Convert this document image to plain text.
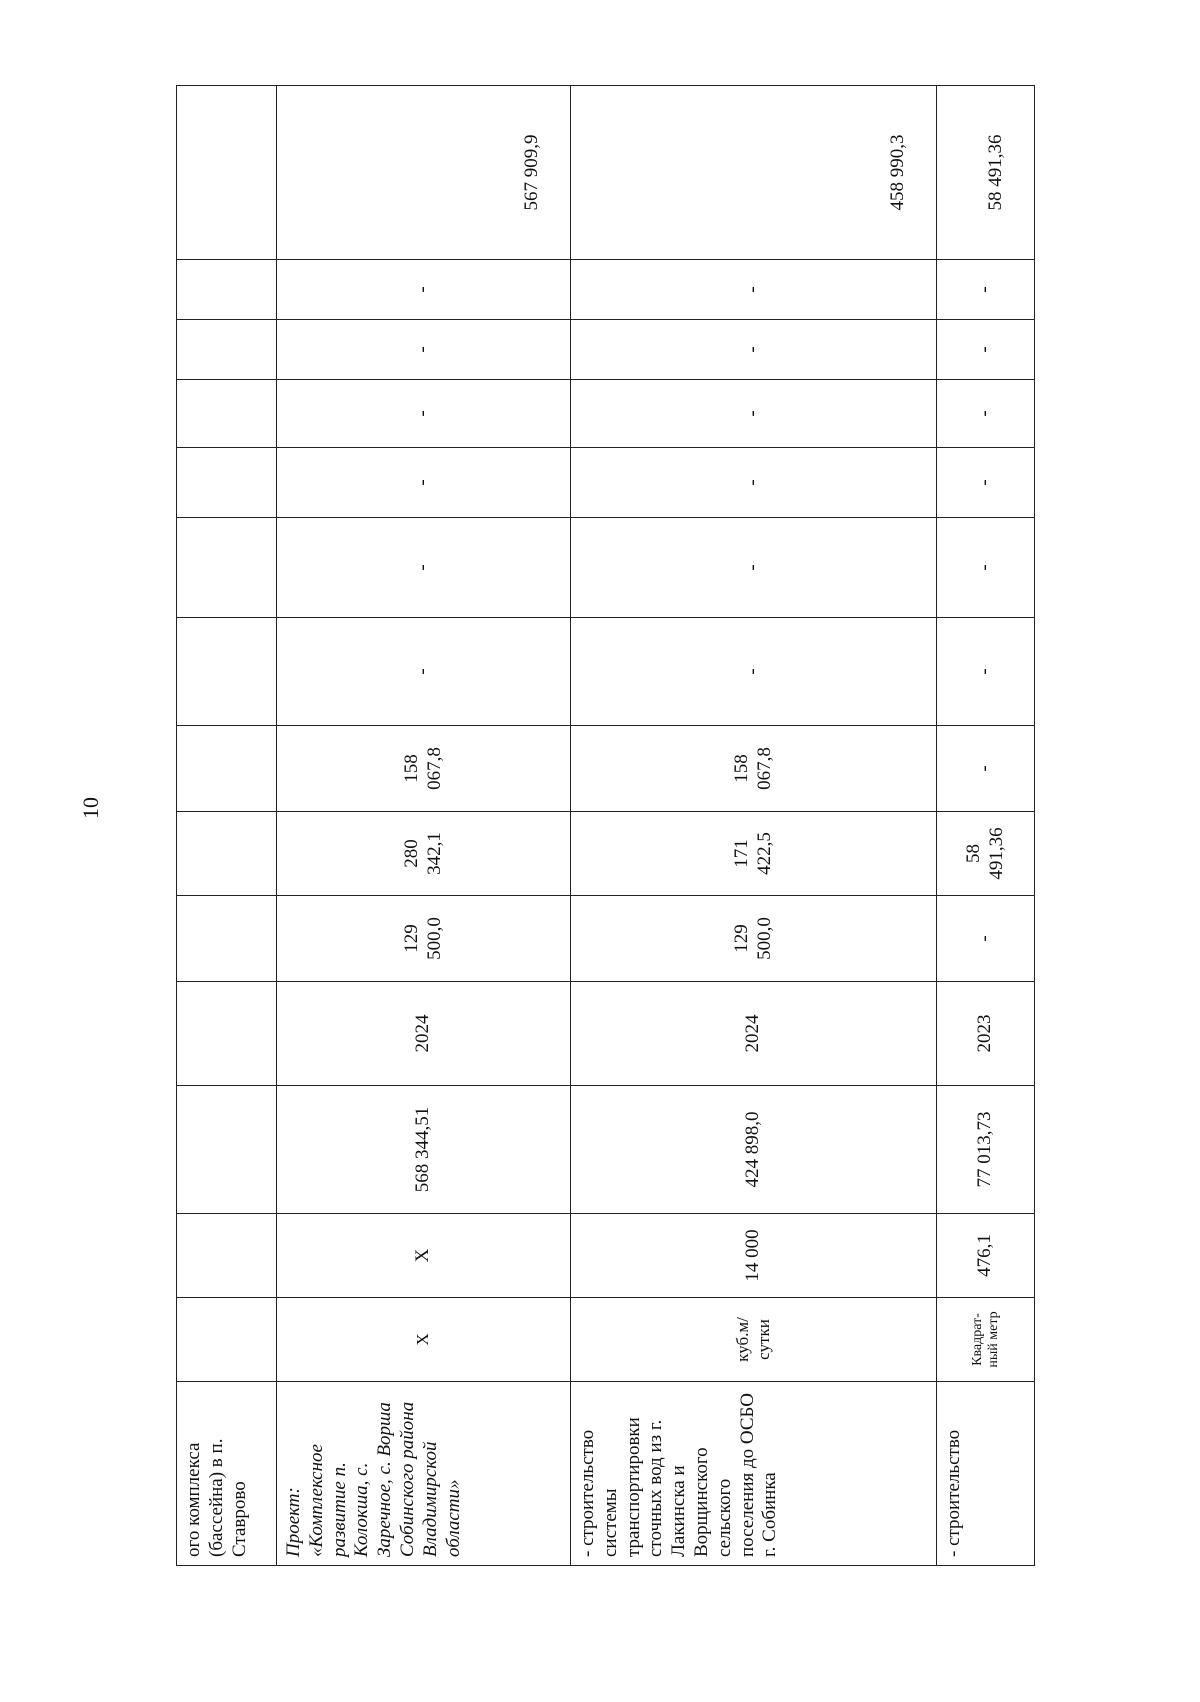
10
ого комплекса (бассейна) в п. Ставрово														
Проект: «Комплексное развитие п. Колокша, с. Заречное, с. Ворша Собинского района Владимирской области»	Х	Х	568 344,51	2024	129 500,0	280 342,1	158 067,8	-	-	-	-	-	-	567 909,9
- строительство системы транспортировки сточных вод из г. Лакинска и Ворщинского сельского поселения до ОСБО г. Собинка	куб.м/ сутки	14 000	424 898,0	2024	129 500,0	171 422,5	158 067,8	-	-	-	-	-	-	458 990,3
- строительство	Квадрат-ный метр	476,1	77 013,73	2023	-	58 491,36	-	-	-	-	-	-	-	58 491,36
